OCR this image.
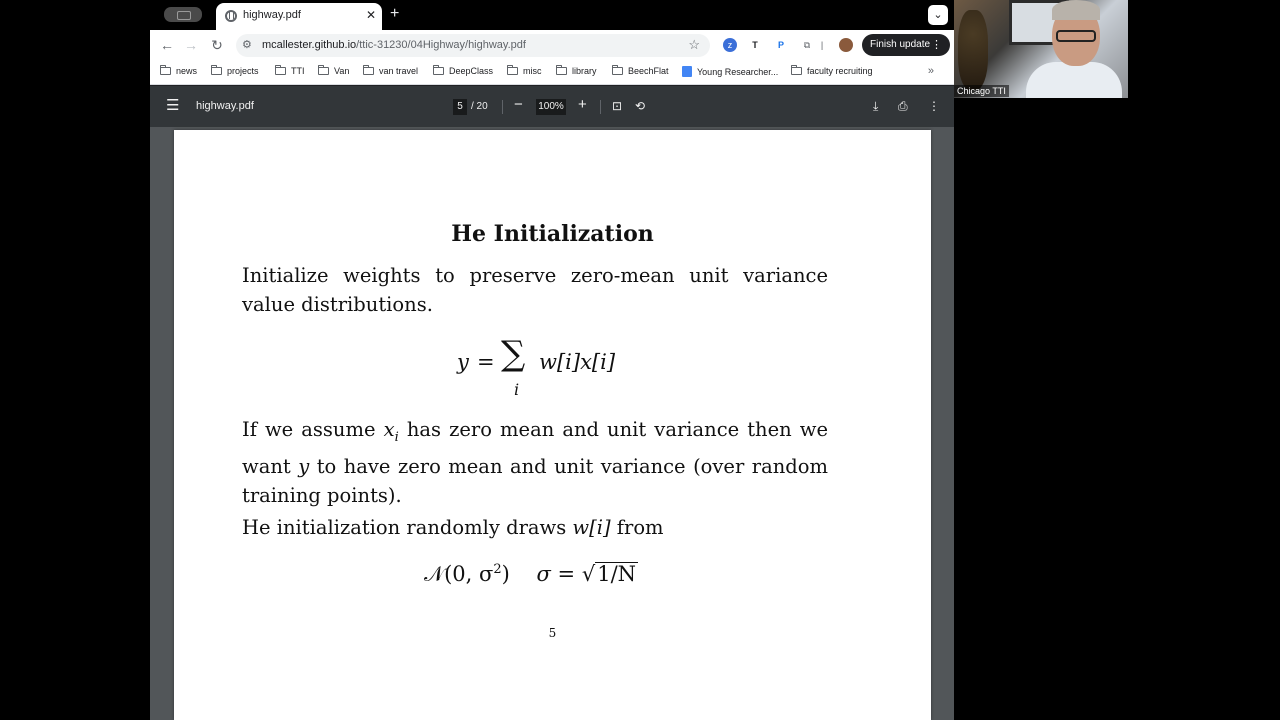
highway.pdf	✕ +	⌄
← → ↻ ⚙ mcallester.github.io/ttic-31230/04Highway/highway.pdf	☆	z	T	P	⧉	|	Finish update ⋮
news	projects	TTI	Van	van travel	DeepClass	misc	library	BeechFlat	Young Researcher...	faculty recruiting	»
☰ highway.pdf	5 / 20 − 100% + ⊡ ⟲	⤓ ⎙ ⋮
He Initialization
Initialize weights to preserve zero-mean unit variance value distributions.
y = ∑
i
w[i]x[i]
If we assume $x_i$ has zero mean and unit variance then we want y to have zero mean and unit variance (over random training points).
He initialization randomly draws w[i] from
𝒩(0, $\sigma^2$) σ = √1/N
5
Chicago TTI
